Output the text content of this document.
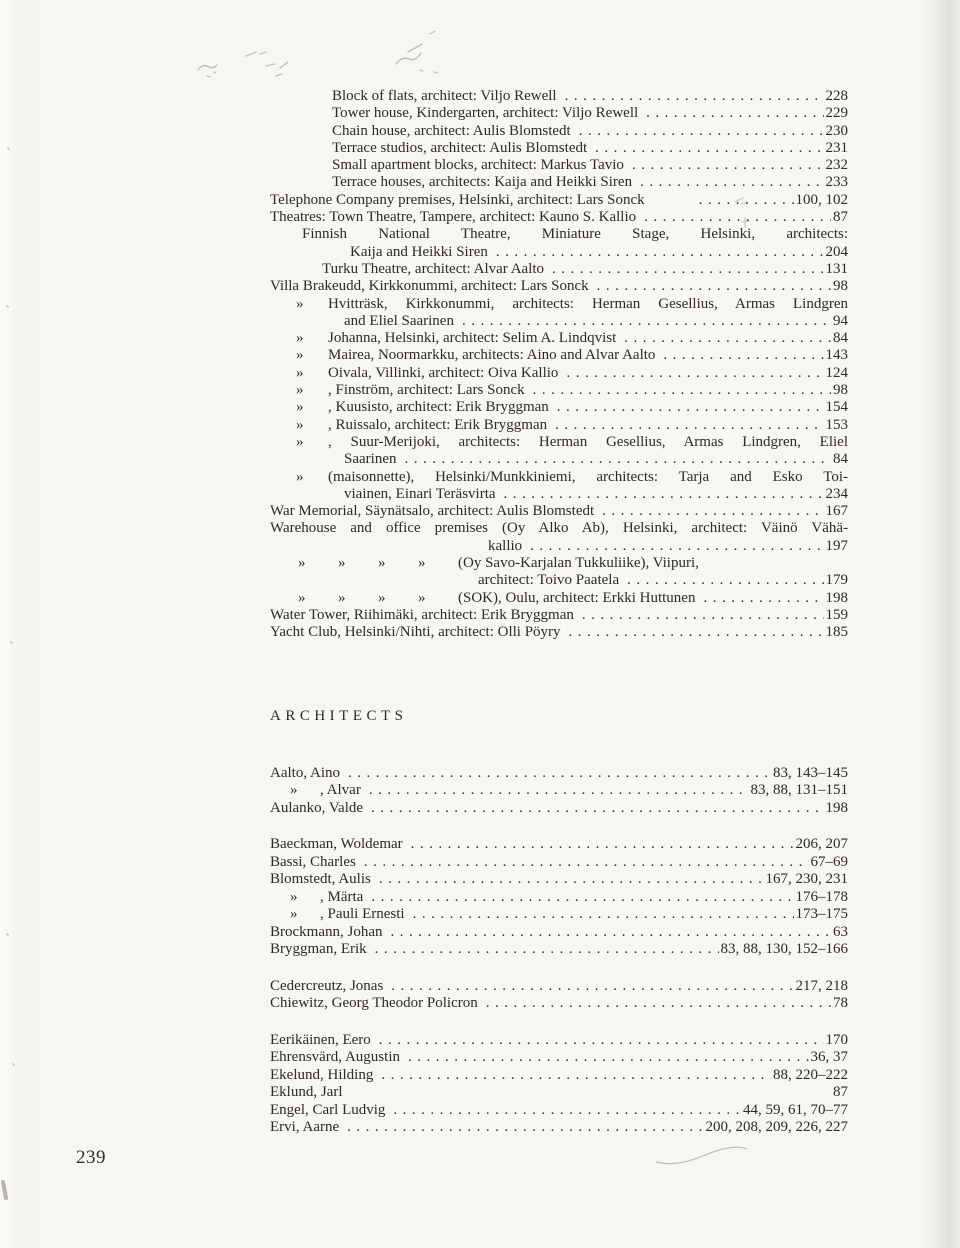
Block of flats, architect: Viljo Rewell .....	228
Tower house, Kindergarten, architect: Viljo Rewell .....	229
Chain house, architect: Aulis Blomstedt .....	230
Terrace studios, architect: Aulis Blomstedt .....	231
Small apartment blocks, architect: Markus Tavio .....	232
Terrace houses, architects: Kaija and Heikki Siren .....	233
Telephone Company premises, Helsinki, architect: Lars Sonck .....	100, 102
Theatres: Town Theatre, Tampere, architect: Kauno S. Kallio .....	87
Finnish National Theatre, Miniature Stage, Helsinki, architects:
Kaija and Heikki Siren .....	204
Turku Theatre, architect: Alvar Aalto .....	131
Villa Brakeudd, Kirkkonummi, architect: Lars Sonck .....	98
»	Hvitträsk, Kirkkonummi, architects: Herman Gesellius, Armas Lindgren
and Eliel Saarinen .....	94
»	Johanna, Helsinki, architect: Selim A. Lindqvist .....	84
»	Mairea, Noormarkku, architects: Aino and Alvar Aalto .....	143
»	Oivala, Villinki, architect: Oiva Kallio .....	124
»	, Finström, architect: Lars Sonck .....	98
»	, Kuusisto, architect: Erik Bryggman .....	154
»	, Ruissalo, architect: Erik Bryggman .....	153
»	, Suur-Merijoki, architects: Herman Gesellius, Armas Lindgren, Eliel
Saarinen .....	84
»	(maisonnette), Helsinki/Munkkiniemi, architects: Tarja and Esko Toi-
viainen, Einari Teräsvirta .....	234
War Memorial, Säynätsalo, architect: Aulis Blomstedt .....	167
Warehouse and office premises (Oy Alko Ab), Helsinki, architect: Väinö Vähä-
kallio .....	197
»	»	»	»	(Oy Savo-Karjalan Tukkuliike), Viipuri,
architect: Toivo Paatela .....	179
»	»	»	»	(SOK), Oulu, architect: Erkki Huttunen .....	198
Water Tower, Riihimäki, architect: Erik Bryggman .....	159
Yacht Club, Helsinki/Nihti, architect: Olli Pöyry .....	185
ARCHITECTS
Aalto, Aino .....	83, 143–145
»	, Alvar .....	83, 88, 131–151
Aulanko, Valde .....	198
Baeckman, Woldemar .....	206, 207
Bassi, Charles .....	67–69
Blomstedt, Aulis .....	167, 230, 231
»	, Märta .....	176–178
»	, Pauli Ernesti .....	173–175
Brockmann, Johan .....	63
Bryggman, Erik .....	83, 88, 130, 152–166
Cedercreutz, Jonas .....	217, 218
Chiewitz, Georg Theodor Policron .....	78
Eerikäinen, Eero .....	170
Ehrensvärd, Augustin .....	36, 37
Ekelund, Hilding .....	88, 220–222
Eklund, Jarl	87
Engel, Carl Ludvig .....	44, 59, 61, 70–77
Ervi, Aarne .....	200, 208, 209, 226, 227
239
